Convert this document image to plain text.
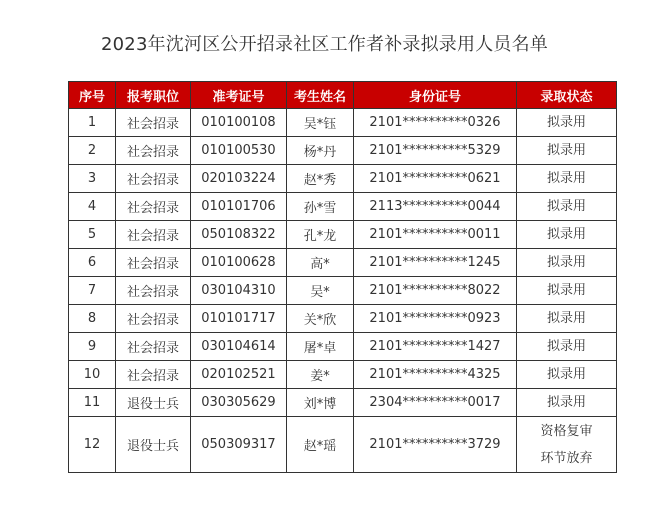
2023年沈河区公开招录社区工作者补录拟录用人员名单
序号	报考职位	准考证号	考生姓名	身份证号	录取状态
1	社会招录	010100108	吴*钰	2101**********0326	拟录用

2	社会招录	010100530	杨*丹	2101**********5329	拟录用

3	社会招录	020103224	赵*秀	2101**********0621	拟录用

4	社会招录	010101706	孙*雪	2113**********0044	拟录用

5	社会招录	050108322	孔*龙	2101**********0011	拟录用

6	社会招录	010100628	高*	2101**********1245	拟录用

7	社会招录	030104310	吴*	2101**********8022	拟录用

8	社会招录	010101717	关*欣	2101**********0923	拟录用

9	社会招录	030104614	屠*卓	2101**********1427	拟录用

10	社会招录	020102521	姜*	2101**********4325	拟录用

11	退役士兵	030305629	刘*博	2304**********0017	拟录用

12	退役士兵	050309317	赵*瑶	2101**********3729	资格复审
环节放弃
